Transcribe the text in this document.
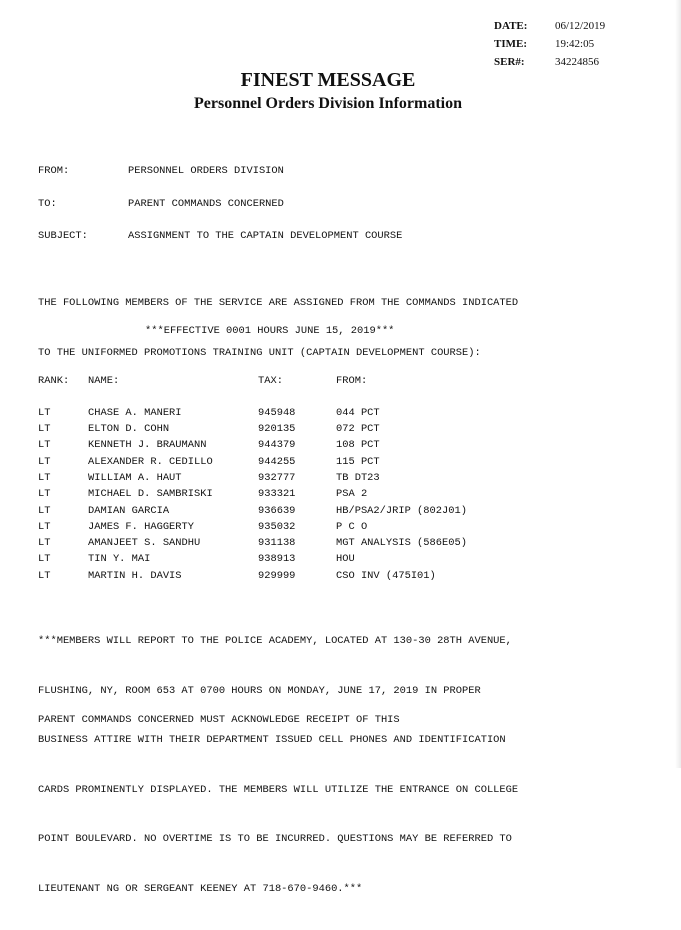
DATE:	06/12/2019
TIME:	19:42:05
SER#:	34224856
FINEST MESSAGE
Personnel Orders Division Information
FROM:	PERSONNEL ORDERS DIVISION
TO:	PARENT COMMANDS CONCERNED
SUBJECT:	ASSIGNMENT TO THE CAPTAIN DEVELOPMENT COURSE

THE FOLLOWING MEMBERS OF THE SERVICE ARE ASSIGNED FROM THE COMMANDS INDICATED

TO THE UNIFORMED PROMOTIONS TRAINING UNIT (CAPTAIN DEVELOPMENT COURSE):

***EFFECTIVE 0001 HOURS JUNE 15, 2019***
RANK: NAME:	TAX:	FROM:
LT	CHASE A. MANERI	945948	044 PCT
LT	ELTON D. COHN	920135	072 PCT
LT	KENNETH J. BRAUMANN	944379	108 PCT
LT	ALEXANDER R. CEDILLO	944255	115 PCT
LT	WILLIAM A. HAUT	932777	TB DT23
LT	MICHAEL D. SAMBRISKI	933321	PSA 2
LT	DAMIAN GARCIA	936639	HB/PSA2/JRIP (802J01)
LT	JAMES F. HAGGERTY	935032	P C O
LT	AMANJEET S. SANDHU	931138	MGT ANALYSIS (586E05)
LT	TIN Y. MAI	938913	HOU
LT	MARTIN H. DAVIS	929999	CSO INV (475I01)

***MEMBERS WILL REPORT TO THE POLICE ACADEMY, LOCATED AT 130-30 28TH AVENUE,

FLUSHING, NY, ROOM 653 AT 0700 HOURS ON MONDAY, JUNE 17, 2019 IN PROPER

BUSINESS ATTIRE WITH THEIR DEPARTMENT ISSUED CELL PHONES AND IDENTIFICATION

CARDS PROMINENTLY DISPLAYED. THE MEMBERS WILL UTILIZE THE ENTRANCE ON COLLEGE

POINT BOULEVARD. NO OVERTIME IS TO BE INCURRED. QUESTIONS MAY BE REFERRED TO

LIEUTENANT NG OR SERGEANT KEENEY AT 718-670-9460.***

PARENT COMMANDS CONCERNED MUST ACKNOWLEDGE RECEIPT OF THIS
